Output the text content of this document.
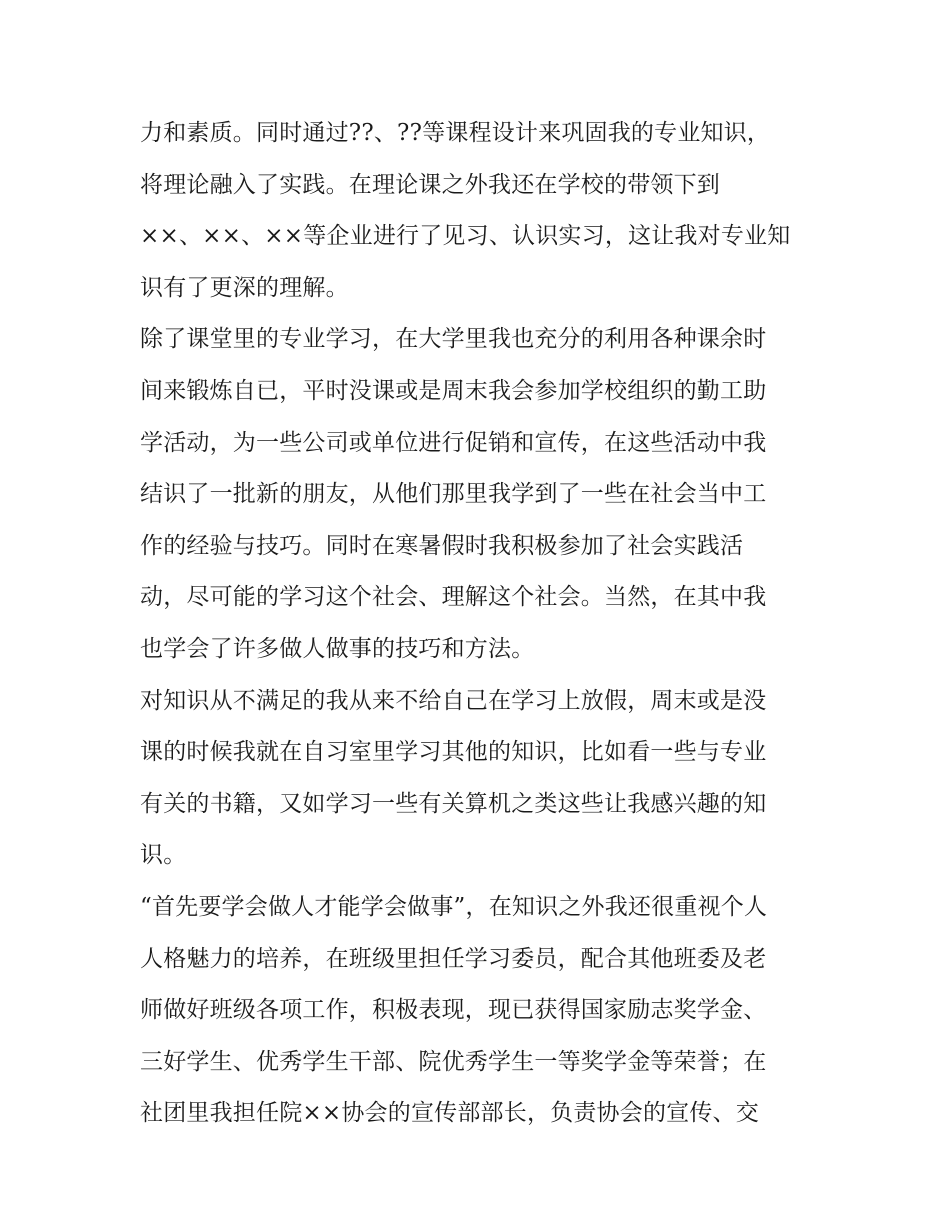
力和素质。同时通过??、??等课程设计来巩固我的专业知识，
将理论融入了实践。在理论课之外我还在学校的带领下到
××、××、××等企业进行了见习、认识实习，这让我对专业知
识有了更深的理解。
除了课堂里的专业学习，在大学里我也充分的利用各种课余时
间来锻炼自已，平时没课或是周末我会参加学校组织的勤工助
学活动，为一些公司或单位进行促销和宣传，在这些活动中我
结识了一批新的朋友，从他们那里我学到了一些在社会当中工
作的经验与技巧。同时在寒暑假时我积极参加了社会实践活
动，尽可能的学习这个社会、理解这个社会。当然，在其中我
也学会了许多做人做事的技巧和方法。
对知识从不满足的我从来不给自己在学习上放假，周末或是没
课的时候我就在自习室里学习其他的知识，比如看一些与专业
有关的书籍，又如学习一些有关算机之类这些让我感兴趣的知
识。
“首先要学会做人才能学会做事”，在知识之外我还很重视个人
人格魅力的培养，在班级里担任学习委员，配合其他班委及老
师做好班级各项工作，积极表现，现已获得国家励志奖学金、
三好学生、优秀学生干部、院优秀学生一等奖学金等荣誉；在
社团里我担任院××协会的宣传部部长，负责协会的宣传、交
